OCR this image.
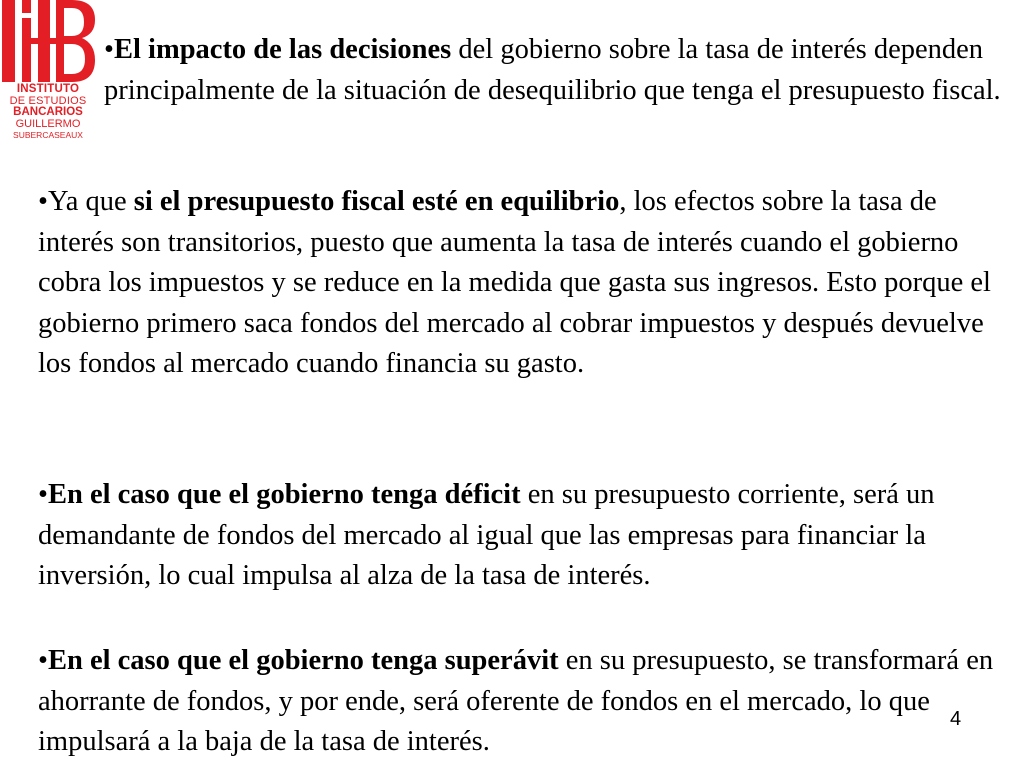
INSTITUTO
DE ESTUDIOS
BANCARIOS
GUILLERMO
SUBERCASEAUX

•El impacto de las decisiones del gobierno sobre la tasa de interés dependen principalmente de la situación de desequilibrio que tenga el presupuesto fiscal.

•Ya que si el presupuesto fiscal esté en equilibrio, los efectos sobre la tasa de interés son transitorios, puesto que aumenta la tasa de interés cuando el gobierno cobra los impuestos y se reduce en la medida que gasta sus ingresos. Esto porque el gobierno primero saca fondos del mercado al cobrar impuestos y después devuelve los fondos al mercado cuando financia su gasto.

•En el caso que el gobierno tenga déficit en su presupuesto corriente, será un demandante de fondos del mercado al igual que las empresas para financiar la inversión, lo cual impulsa al alza de la tasa de interés.

•En el caso que el gobierno tenga superávit en su presupuesto, se transformará en ahorrante de fondos, y por ende, será oferente de fondos en el mercado, lo que impulsará a la baja de la tasa de interés.

4
